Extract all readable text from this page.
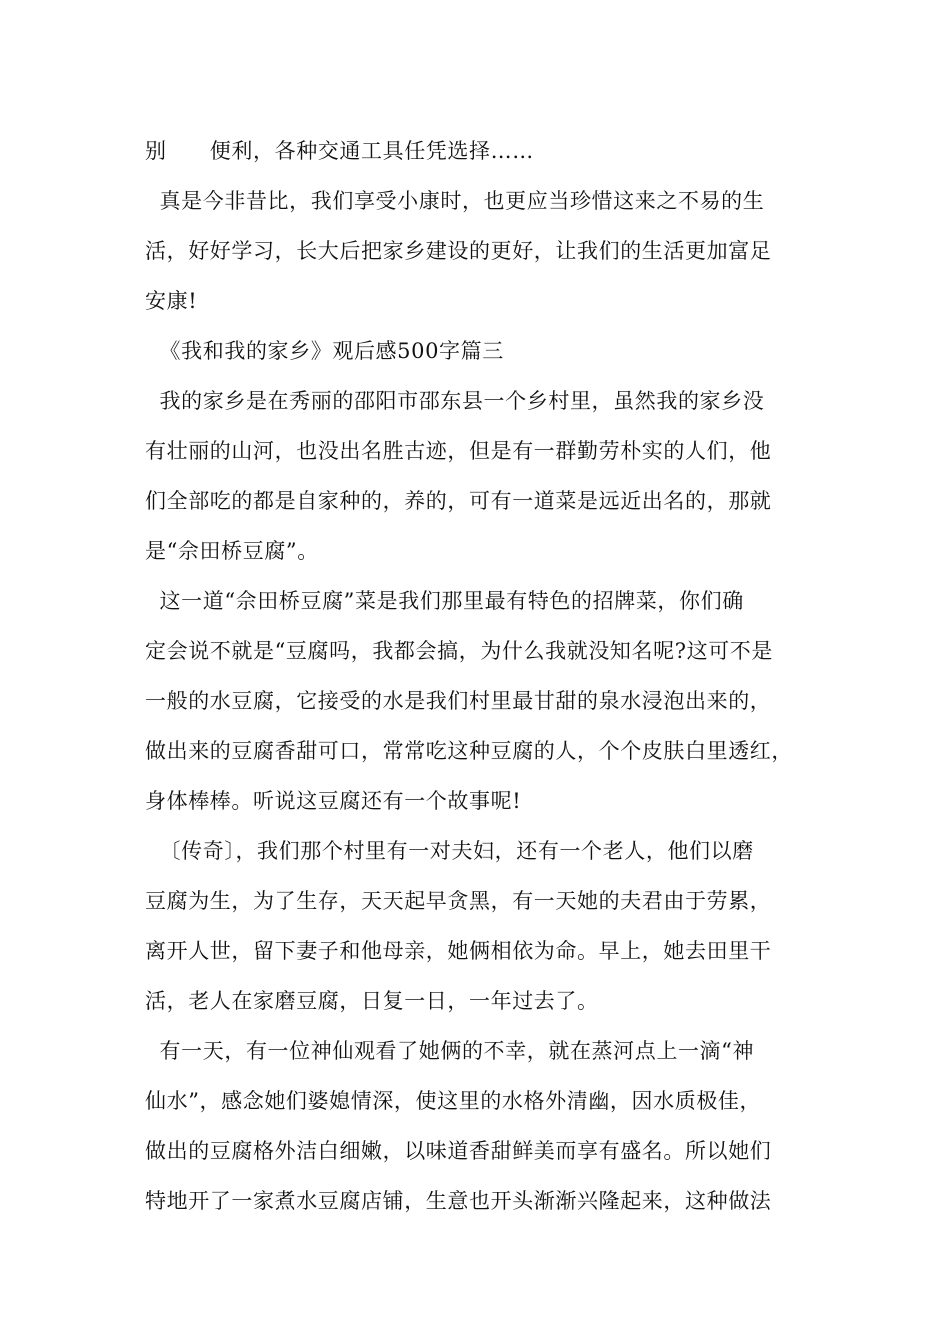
别　　便利，各种交通工具任凭选择……
真是今非昔比，我们享受小康时，也更应当珍惜这来之不易的生
活，好好学习，长大后把家乡建设的更好，让我们的生活更加富足
安康!
《我和我的家乡》观后感500字篇三
我的家乡是在秀丽的邵阳市邵东县一个乡村里，虽然我的家乡没
有壮丽的山河，也没出名胜古迹，但是有一群勤劳朴实的人们，他
们全部吃的都是自家种的，养的，可有一道菜是远近出名的，那就
是“佘田桥豆腐”。
这一道“佘田桥豆腐”菜是我们那里最有特色的招牌菜，你们确
定会说不就是“豆腐吗，我都会搞，为什么我就没知名呢?这可不是
一般的水豆腐，它接受的水是我们村里最甘甜的泉水浸泡出来的，
做出来的豆腐香甜可口，常常吃这种豆腐的人，个个皮肤白里透红，
身体棒棒。听说这豆腐还有一个故事呢!
〔传奇〕，我们那个村里有一对夫妇，还有一个老人，他们以磨
豆腐为生，为了生存，天天起早贪黑，有一天她的夫君由于劳累，
离开人世，留下妻子和他母亲，她俩相依为命。早上，她去田里干
活，老人在家磨豆腐，日复一日，一年过去了。
有一天，有一位神仙观看了她俩的不幸，就在蒸河点上一滴“神
仙水”，感念她们婆媳情深，使这里的水格外清幽，因水质极佳，
做出的豆腐格外洁白细嫩，以味道香甜鲜美而享有盛名。所以她们
特地开了一家煮水豆腐店铺，生意也开头渐渐兴隆起来，这种做法
